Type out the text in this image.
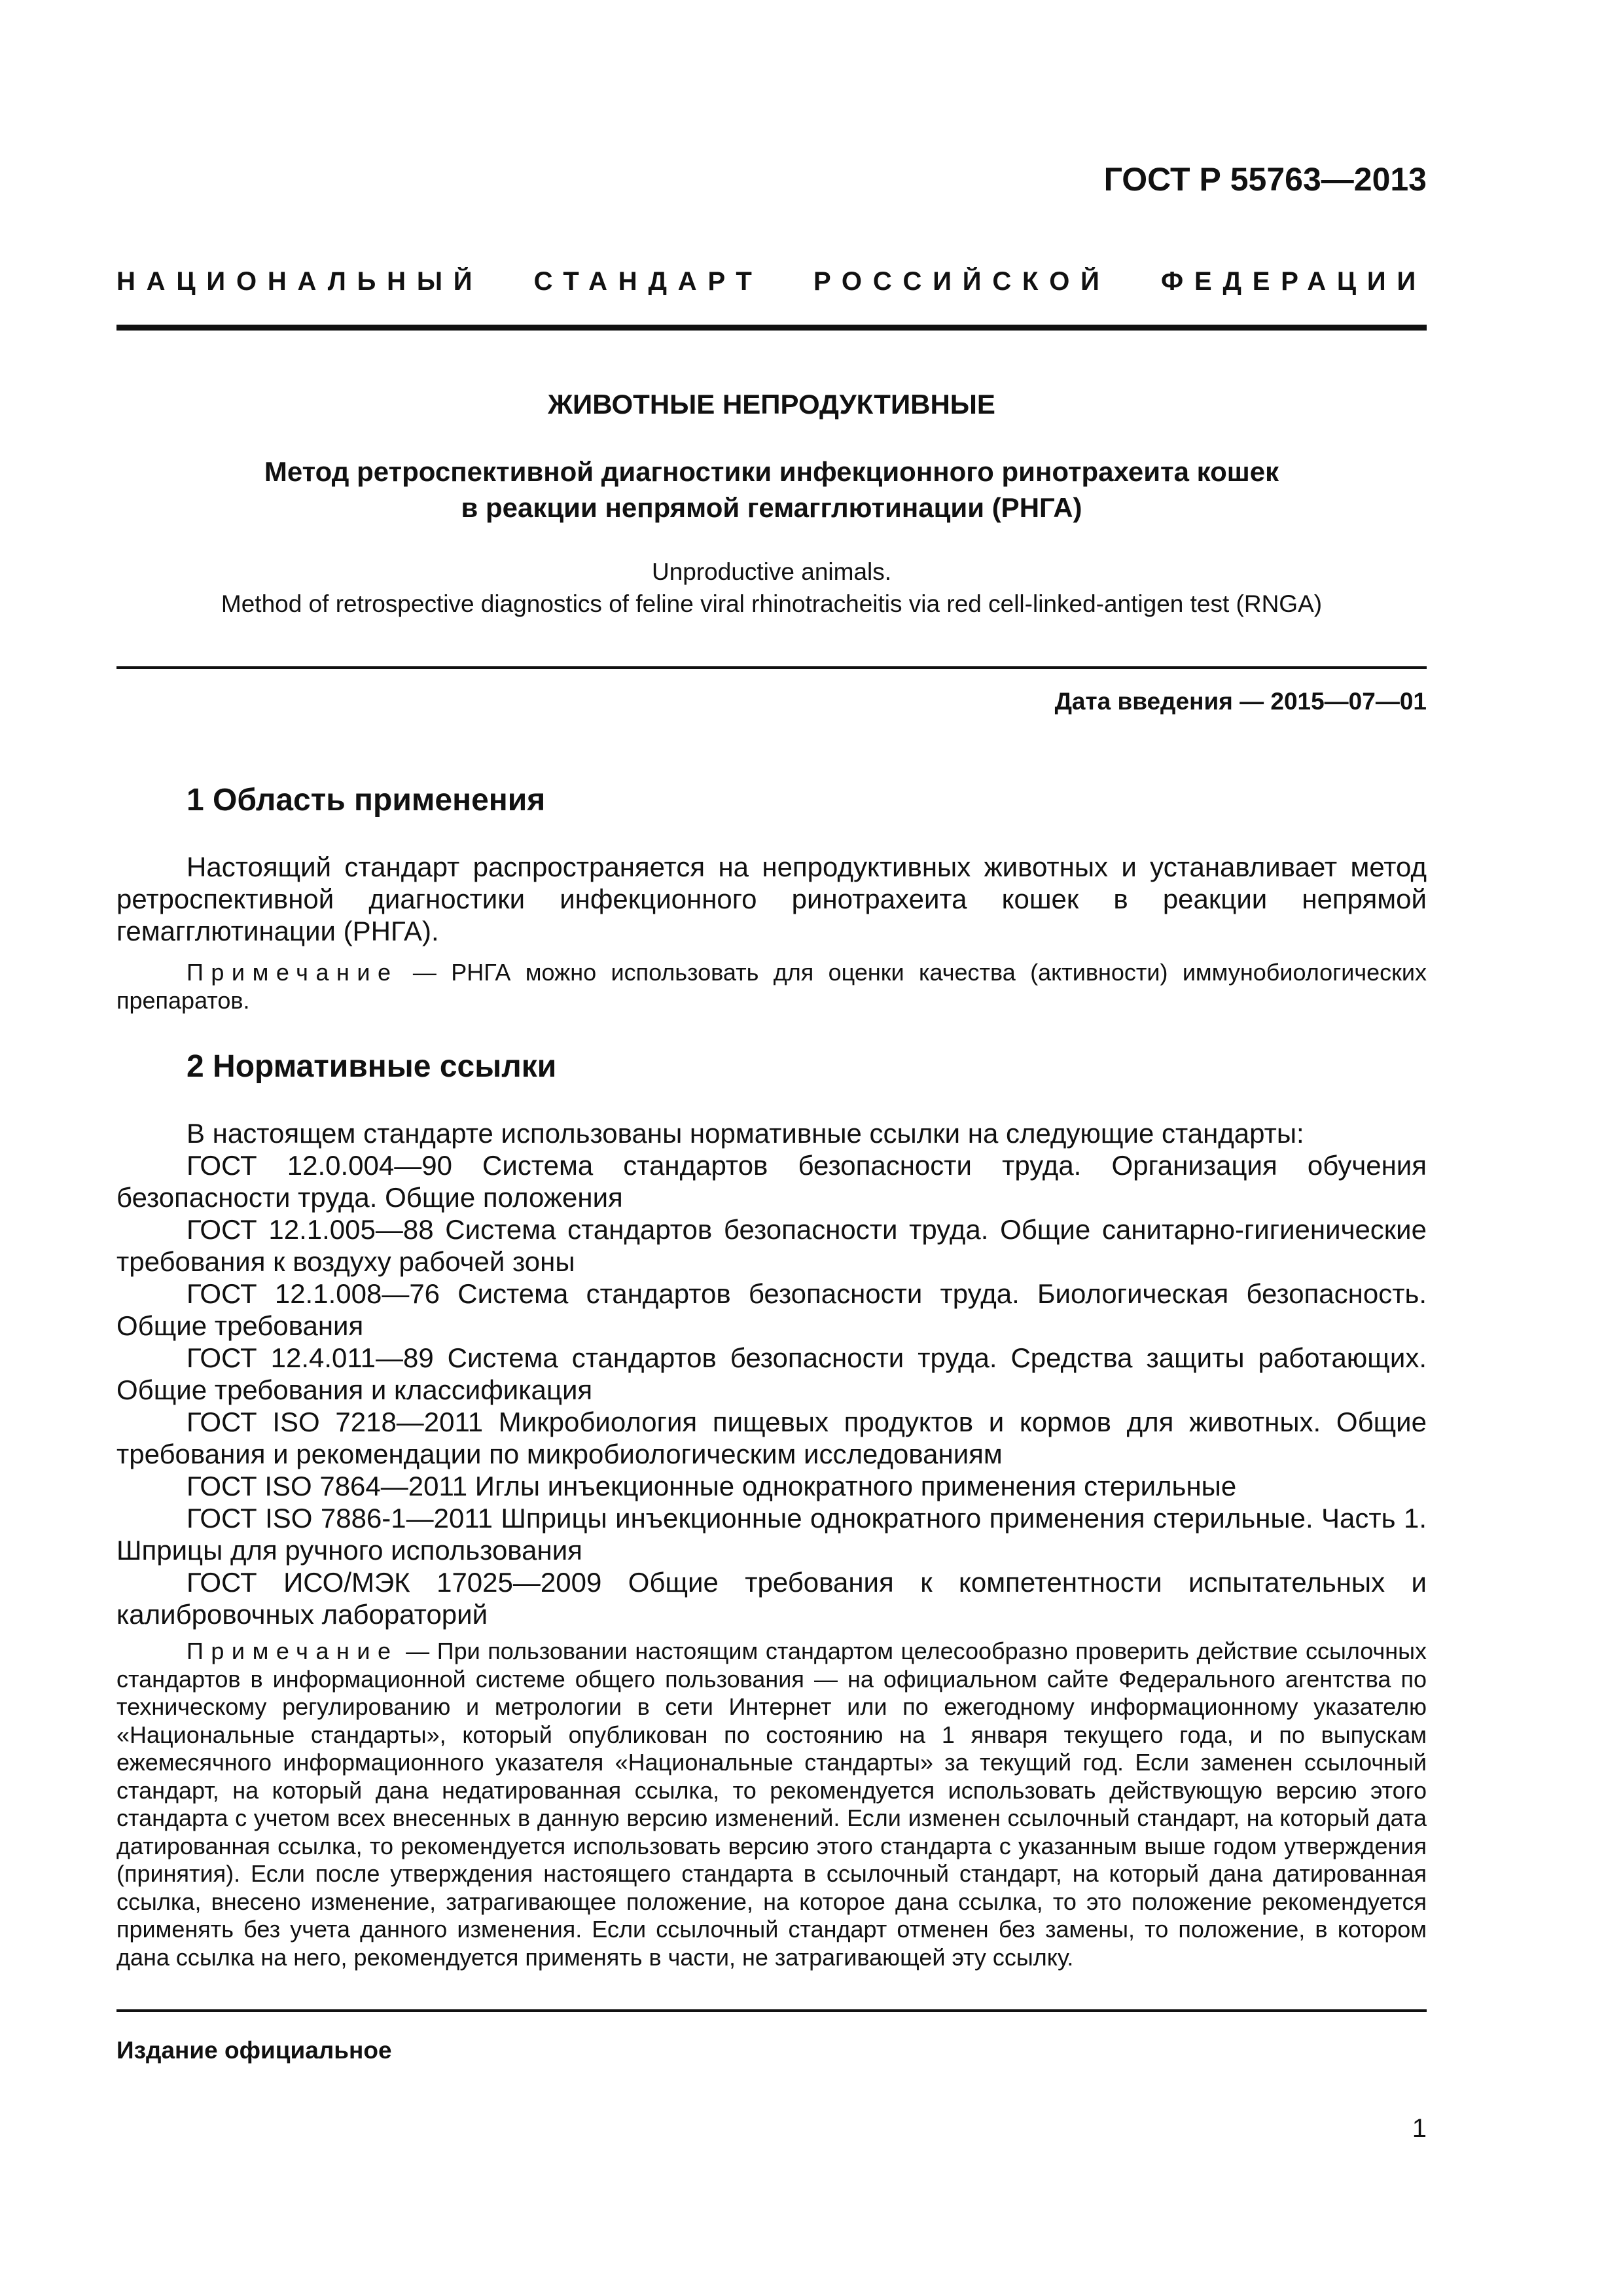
ГОСТ Р 55763—2013
НАЦИОНАЛЬНЫЙ СТАНДАРТ РОССИЙСКОЙ ФЕДЕРАЦИИ
ЖИВОТНЫЕ НЕПРОДУКТИВНЫЕ
Метод ретроспективной диагностики инфекционного ринотрахеита кошек
в реакции непрямой гемагглютинации (РНГА)
Unproductive animals.
Method of retrospective diagnostics of feline viral rhinotracheitis via red cell-linked-antigen test (RNGA)
Дата введения — 2015—07—01
1 Область применения
Настоящий стандарт распространяется на непродуктивных животных и устанавливает метод ретроспективной диагностики инфекционного ринотрахеита кошек в реакции непрямой гемагглютинации (РНГА).
Примечание — РНГА можно использовать для оценки качества (активности) иммунобиологических препаратов.
2 Нормативные ссылки

В настоящем стандарте использованы нормативные ссылки на следующие стандарты:

ГОСТ 12.0.004—90 Система стандартов безопасности труда. Организация обучения безопасности труда. Общие положения

ГОСТ 12.1.005—88 Система стандартов безопасности труда. Общие санитарно-гигиенические требования к воздуху рабочей зоны

ГОСТ 12.1.008—76 Система стандартов безопасности труда. Биологическая безопасность. Общие требования

ГОСТ 12.4.011—89 Система стандартов безопасности труда. Средства защиты работающих. Общие требования и классификация

ГОСТ ISO 7218—2011 Микробиология пищевых продуктов и кормов для животных. Общие требования и рекомендации по микробиологическим исследованиям

ГОСТ ISO 7864—2011 Иглы инъекционные однократного применения стерильные

ГОСТ ISO 7886-1—2011 Шприцы инъекционные однократного применения стерильные. Часть 1. Шприцы для ручного использования

ГОСТ ИСО/МЭК 17025—2009 Общие требования к компетентности испытательных и калибровочных лабораторий

Примечание — При пользовании настоящим стандартом целесообразно проверить действие ссылочных стандартов в информационной системе общего пользования — на официальном сайте Федерального агентства по техническому регулированию и метрологии в сети Интернет или по ежегодному информационному указателю «Национальные стандарты», который опубликован по состоянию на 1 января текущего года, и по выпускам ежемесячного информационного указателя «Национальные стандарты» за текущий год. Если заменен ссылочный стандарт, на который дана недатированная ссылка, то рекомендуется использовать действующую версию этого стандарта с учетом всех внесенных в данную версию изменений. Если изменен ссылочный стандарт, на который дата датированная ссылка, то рекомендуется использовать версию этого стандарта с указанным выше годом утверждения (принятия). Если после утверждения настоящего стандарта в ссылочный стандарт, на который дана датированная ссылка, внесено изменение, затрагивающее положение, на которое дана ссылка, то это положение рекомендуется применять без учета данного изменения. Если ссылочный стандарт отменен без замены, то положение, в котором дана ссылка на него, рекомендуется применять в части, не затрагивающей эту ссылку.
Издание официальное
1
